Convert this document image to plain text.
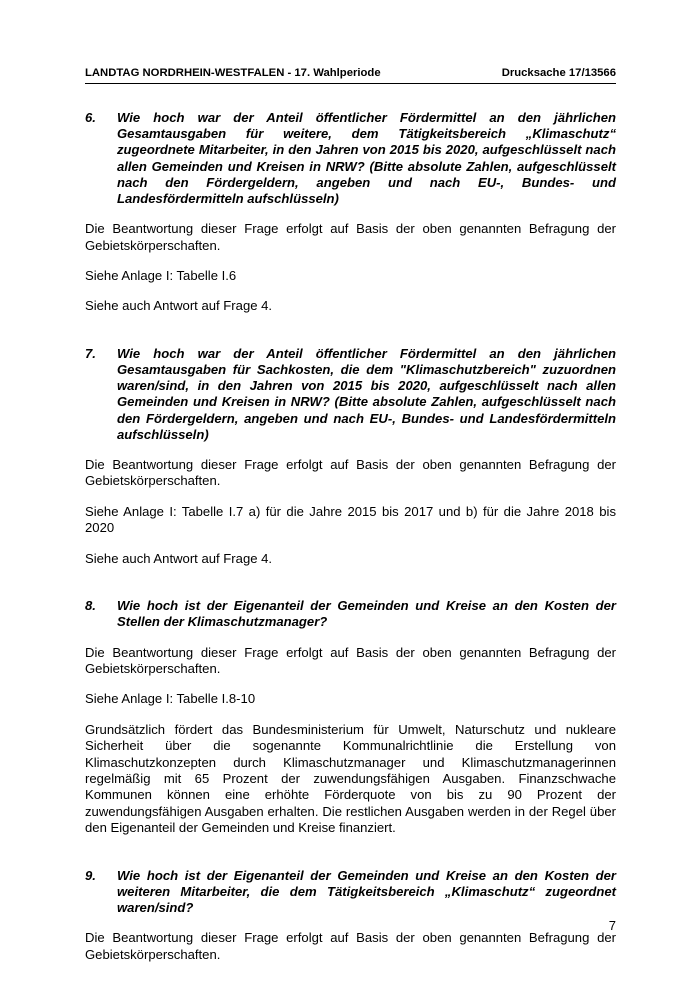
LANDTAG NORDRHEIN-WESTFALEN - 17. Wahlperiode	Drucksache 17/13566
6.	Wie hoch war der Anteil öffentlicher Fördermittel an den jährlichen Gesamtausgaben für weitere, dem Tätigkeitsbereich „Klimaschutz“ zugeordnete Mitarbeiter, in den Jahren von 2015 bis 2020, aufgeschlüsselt nach allen Gemeinden und Kreisen in NRW? (Bitte absolute Zahlen, aufgeschlüsselt nach den Fördergeldern, angeben und nach EU-, Bundes- und Landesfördermitteln aufschlüsseln)

Die Beantwortung dieser Frage erfolgt auf Basis der oben genannten Befragung der Gebietskörperschaften.

Siehe Anlage I: Tabelle I.6

Siehe auch Antwort auf Frage 4.

7.	Wie hoch war der Anteil öffentlicher Fördermittel an den jährlichen Gesamtausgaben für Sachkosten, die dem "Klimaschutzbereich" zuzuordnen waren/sind, in den Jahren von 2015 bis 2020, aufgeschlüsselt nach allen Gemeinden und Kreisen in NRW? (Bitte absolute Zahlen, aufgeschlüsselt nach den Fördergeldern, angeben und nach EU-, Bundes- und Landesfördermitteln aufschlüsseln)

Die Beantwortung dieser Frage erfolgt auf Basis der oben genannten Befragung der Gebietskörperschaften.

Siehe Anlage I: Tabelle I.7 a) für die Jahre 2015 bis 2017 und b) für die Jahre 2018 bis 2020

Siehe auch Antwort auf Frage 4.

8.	Wie hoch ist der Eigenanteil der Gemeinden und Kreise an den Kosten der Stellen der Klimaschutzmanager?

Die Beantwortung dieser Frage erfolgt auf Basis der oben genannten Befragung der Gebietskörperschaften.

Siehe Anlage I: Tabelle I.8-10

Grundsätzlich fördert das Bundesministerium für Umwelt, Naturschutz und nukleare Sicherheit über die sogenannte Kommunalrichtlinie die Erstellung von Klimaschutzkonzepten durch Klimaschutzmanager und Klimaschutzmanagerinnen regelmäßig mit 65 Prozent der zuwendungsfähigen Ausgaben. Finanzschwache Kommunen können eine erhöhte Förderquote von bis zu 90 Prozent der zuwendungsfähigen Ausgaben erhalten. Die restlichen Ausgaben werden in der Regel über den Eigenanteil der Gemeinden und Kreise finanziert.

9.	Wie hoch ist der Eigenanteil der Gemeinden und Kreise an den Kosten der weiteren Mitarbeiter, die dem Tätigkeitsbereich „Klimaschutz“ zugeordnet waren/sind?

Die Beantwortung dieser Frage erfolgt auf Basis der oben genannten Befragung der Gebietskörperschaften.

7
